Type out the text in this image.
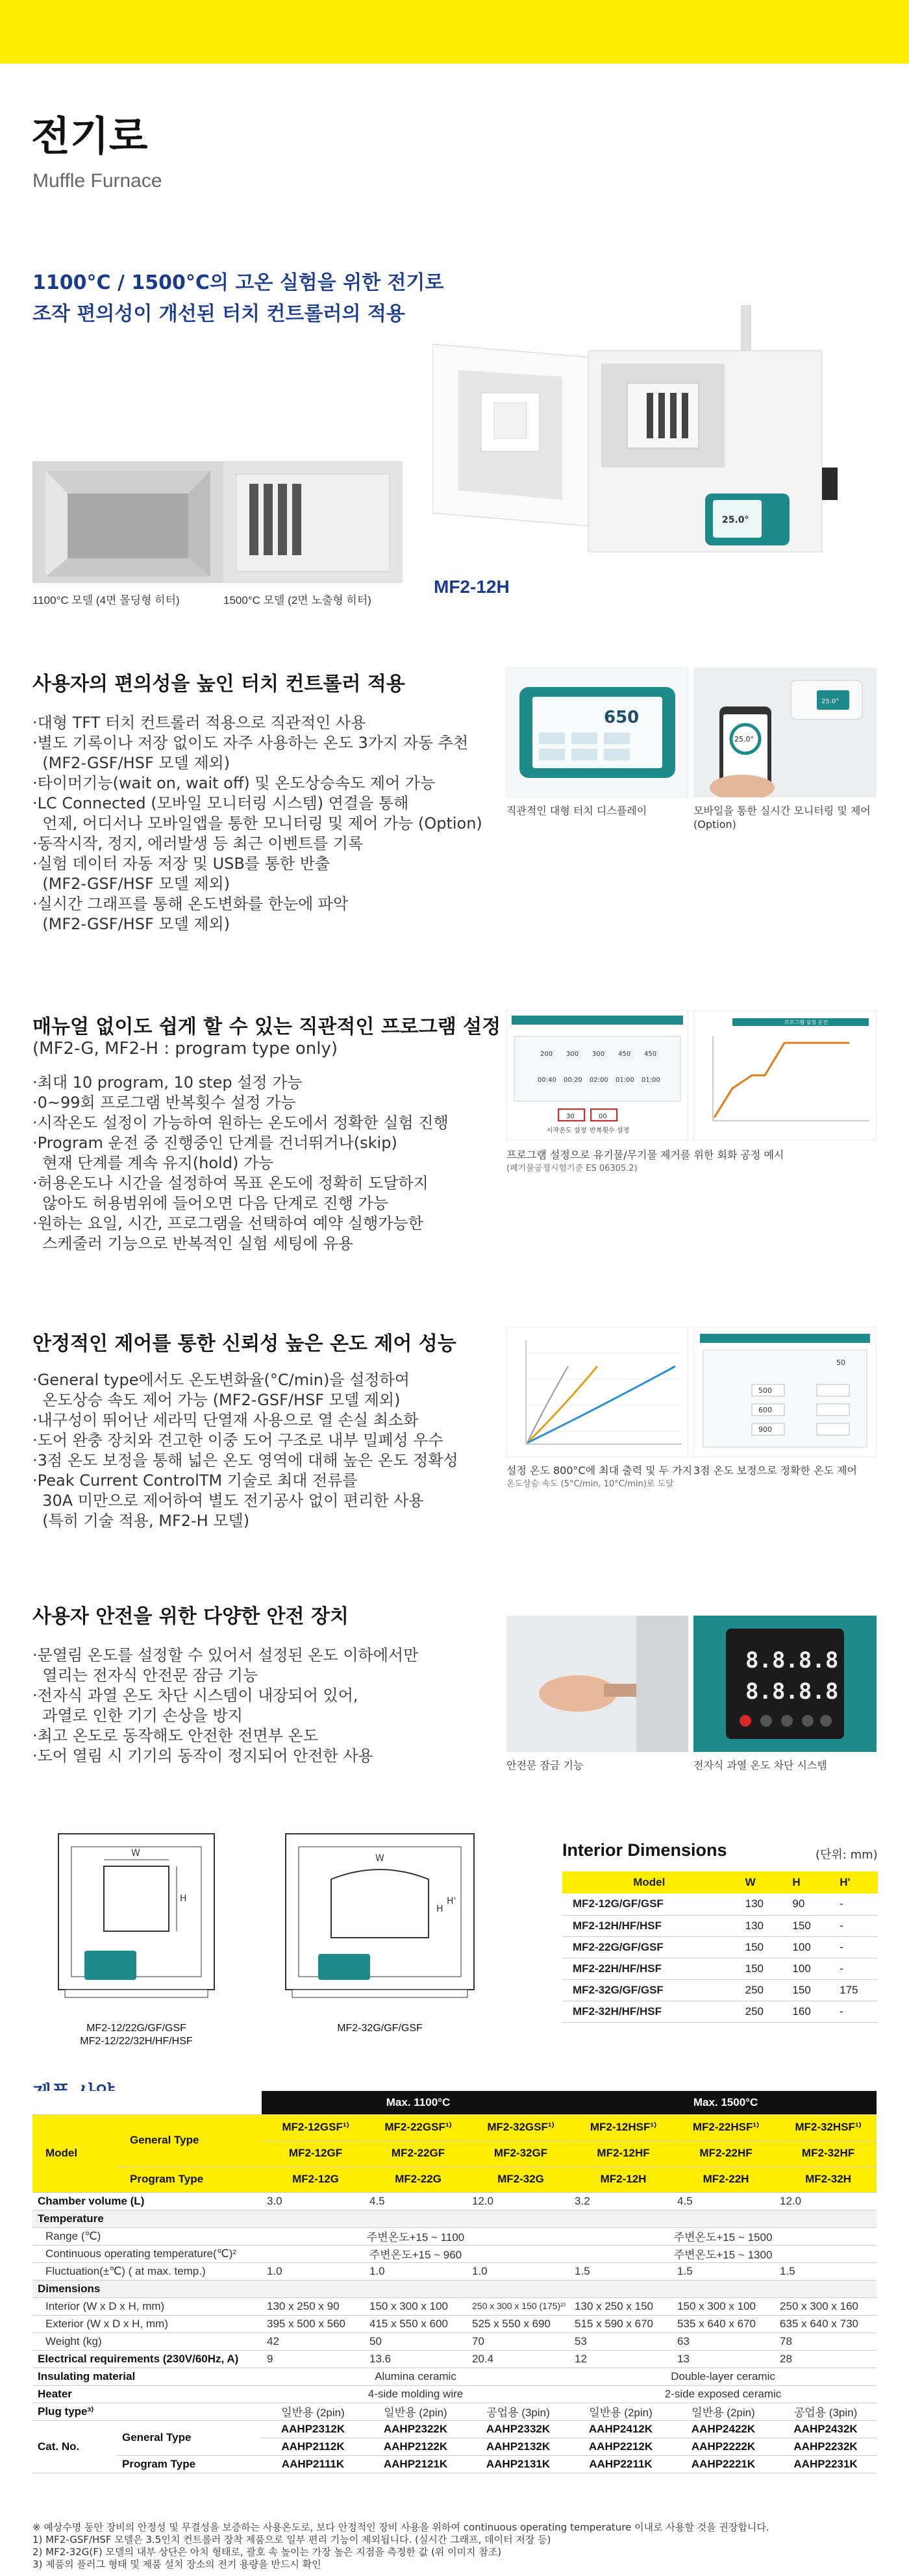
전기로
Muffle Furnace
1100°C / 1500°C의 고온 실험을 위한 전기로
조작 편의성이 개선된 터치 컨트롤러의 적용
1100°C 모델 (4면 몰딩형 히터)	1500°C 모델 (2면 노출형 히터)
25.0°
MF2-12H
사용자의 편의성을 높인 터치 컨트롤러 적용
·대형 TFT 터치 컨트롤러 적용으로 직관적인 사용
·별도 기록이나 저장 없이도 자주 사용하는 온도 3가지 자동 추천
(MF2-GSF/HSF 모델 제외)
·타이머기능(wait on, wait off) 및 온도상승속도 제어 가능
·LC Connected (모바일 모니터링 시스템) 연결을 통해
언제, 어디서나 모바일앱을 통한 모니터링 및 제어 가능 (Option)
·동작시작, 정지, 에러발생 등 최근 이벤트를 기록
·실험 데이터 자동 저장 및 USB를 통한 반출
(MF2-GSF/HSF 모델 제외)
·실시간 그래프를 통해 온도변화를 한눈에 파악
(MF2-GSF/HSF 모델 제외)
650
25.0°
25.0°
직관적인 대형 터치 디스플레이	모바일을 통한 실시간 모니터링 및 제어
(Option)
매뉴얼 없이도 쉽게 할 수 있는 직관적인 프로그램 설정
(MF2-G, MF2-H : program type only)
·최대 10 program, 10 step 설정 가능
·0~99회 프로그램 반복횟수 설정 가능
·시작온도 설정이 가능하여 원하는 온도에서 정확한 실험 진행
·Program 운전 중 진행중인 단계를 건너뛰거나(skip)
현재 단계를 계속 유지(hold) 가능
·허용온도나 시간을 설정하여 목표 온도에 정확히 도달하지
않아도 허용범위에 들어오면 다음 단계로 진행 가능
·원하는 요일, 시간, 프로그램을 선택하여 예약 실행가능한
스케줄러 기능으로 반복적인 실험 세팅에 유용
200 300 300 450 450
00:40 00:20 02:00 01:00 01:00
30	00
시작온도 설정 반복횟수 설정
프로그램 설정 운전
프로그램 설정으로 유기물/무기물 제거를 위한 회화 공정 예시
(폐기물공정시험기준 ES 06305.2)
안정적인 제어를 통한 신뢰성 높은 온도 제어 성능
·General type에서도 온도변화율(°C/min)을 설정하여
온도상승 속도 제어 가능 (MF2-GSF/HSF 모델 제외)
·내구성이 뛰어난 세라믹 단열재 사용으로 열 손실 최소화
·도어 완충 장치와 견고한 이중 도어 구조로 내부 밀폐성 우수
·3점 온도 보정을 통해 넓은 온도 영역에 대해 높은 온도 정확성
·Peak Current ControlTM 기술로 최대 전류를
30A 미만으로 제어하여 별도 전기공사 없이 편리한 사용
(특히 기술 적용, MF2-H 모델)
50
500
600
900
설정 온도 800°C에 최대 출력 및 두 가지
온도상승 속도 (5°C/min, 10°C/min)로 도달
3점 온도 보정으로 정확한 온도 제어
사용자 안전을 위한 다양한 안전 장치
·문열림 온도를 설정할 수 있어서 설정된 온도 이하에서만
열리는 전자식 안전문 잠금 기능
·전자식 과열 온도 차단 시스템이 내장되어 있어,
과열로 인한 기기 손상을 방지
·최고 온도로 동작해도 안전한 전면부 온도
·도어 열림 시 기기의 동작이 정지되어 안전한 사용
8.8.8.8
8.8.8.8
안전문 잠금 기능	전자식 과열 온도 차단 시스템
W
H
W
H
H'
MF2-12/22G/GF/GSF
MF2-12/22/32H/HF/HSF
MF2-32G/GF/GSF
Interior Dimensions	(단위: mm)
Model	W	H	H'
MF2-12G/GF/GSF	130	90	-
MF2-12H/HF/HSF	130	150	-
MF2-22G/GF/GSF	150	100	-
MF2-22H/HF/HSF	150	100	-
MF2-32G/GF/GSF	250	150	175
MF2-32H/HF/HSF	250	160	-
		Max. 1100°C			Max. 1500°C		
Model	General Type	MF2-12GSF¹⁾	MF2-22GSF¹⁾	MF2-32GSF¹⁾	MF2-12HSF¹⁾	MF2-22HSF¹⁾	MF2-32HSF¹⁾
		MF2-12GF	MF2-22GF	MF2-32GF	MF2-12HF	MF2-22HF	MF2-32HF
	Program Type	MF2-12G	MF2-22G	MF2-32G	MF2-12H	MF2-22H	MF2-32H
Chamber volume (L)		3.0	4.5	12.0	3.2	4.5	12.0
Temperature							
Range (℃)		주변온도+15 ~ 1100			주변온도+15 ~ 1500		
Continuous operating temperature(℃)²		주변온도+15 ~ 960			주변온도+15 ~ 1300		
Fluctuation(±℃) ( at max. temp.)		1.0	1.0	1.0	1.5	1.5	1.5
Dimensions							
Interior (W x D x H, mm)		130 x 250 x 90	150 x 300 x 100	250 x 300 x 150 (175)²⁾	130 x 250 x 150	150 x 300 x 100	250 x 300 x 160
Exterior (W x D x H, mm)		395 x 500 x 560	415 x 550 x 600	525 x 550 x 690	515 x 590 x 670	535 x 640 x 670	635 x 640 x 730
Weight (kg)		42	50	70	53	63	78
Electrical requirements (230V/60Hz, A)		9	13.6	20.4	12	13	28
Insulating material		Alumina ceramic			Double-layer ceramic		
Heater		4-side molding wire			2-side exposed ceramic		
Plug type³⁾		일반용 (2pin)	일반용 (2pin)	공업용 (3pin)	일반용 (2pin)	일반용 (2pin)	공업용 (3pin)
Cat. No.	General Type	AAHP2312K	AAHP2322K	AAHP2332K	AAHP2412K	AAHP2422K	AAHP2432K
		AAHP2112K	AAHP2122K	AAHP2132K	AAHP2212K	AAHP2222K	AAHP2232K
	Program Type	AAHP2111K	AAHP2121K	AAHP2131K	AAHP2211K	AAHP2221K	AAHP2231K
※ 예상수명 동안 장비의 안정성 및 무결성을 보증하는 사용온도로, 보다 안정적인 장비 사용을 위하여 continuous operating temperature 이내로 사용할 것을 권장합니다.
1) MF2-GSF/HSF 모델은 3.5인치 컨트롤러 장착 제품으로 일부 편리 기능이 제외됩니다. (실시간 그래프, 데이터 저장 등)
2) MF2-32G(F) 모델의 내부 상단은 아치 형태로, 괄호 속 높이는 가장 높은 지점을 측정한 값 (위 이미지 참조)
3) 제품의 플러그 형태 및 제품 설치 장소의 전기 용량을 반드시 확인
